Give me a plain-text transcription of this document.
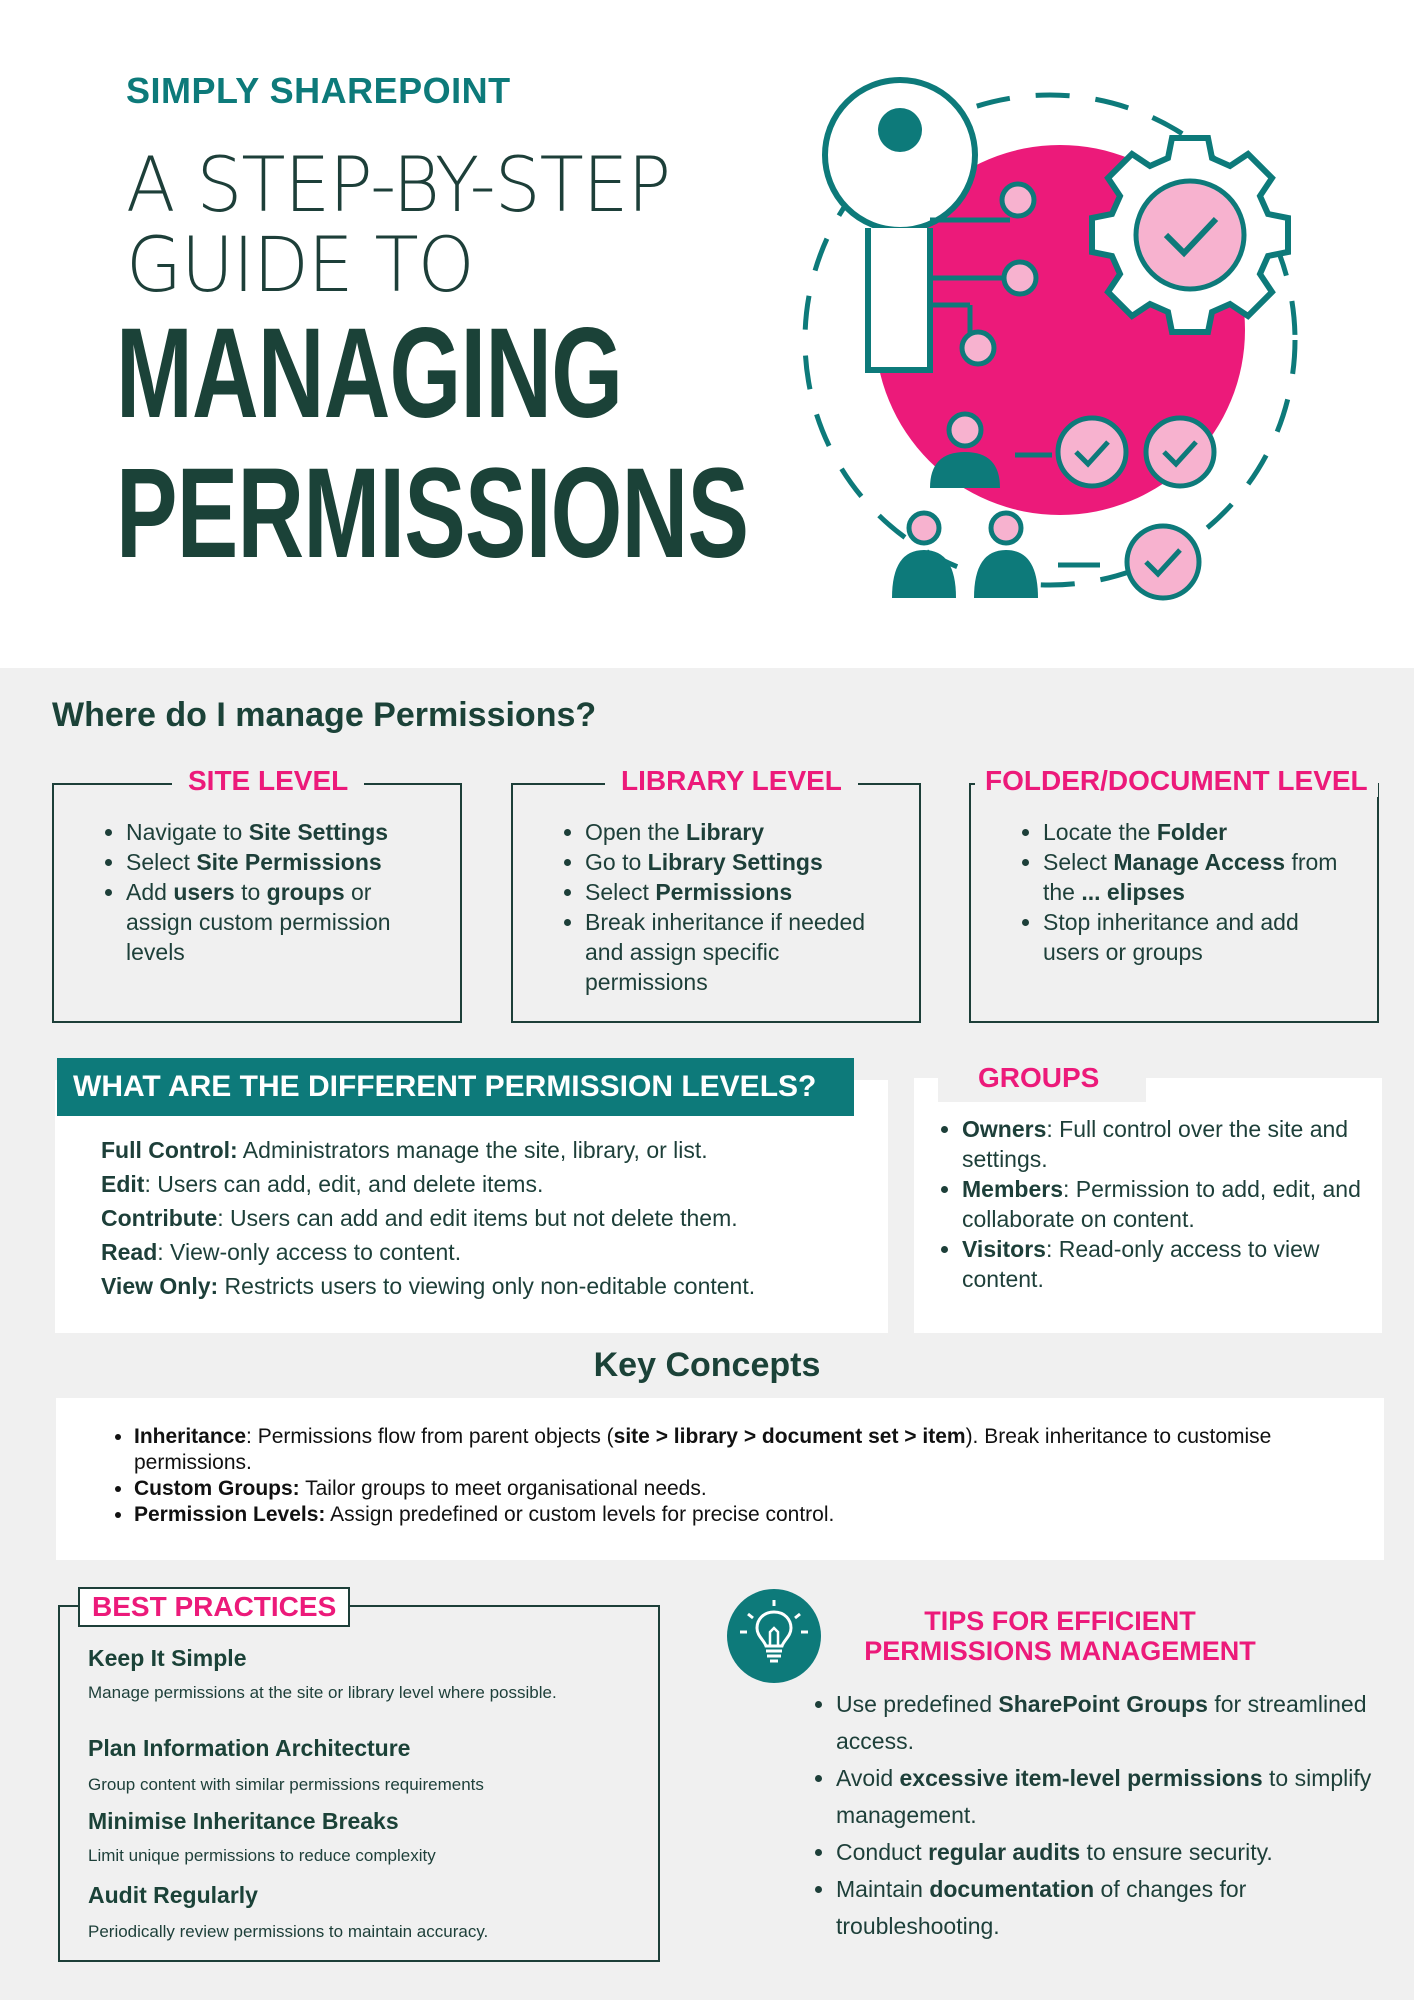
SIMPLY SHAREPOINT
A STEP-BY-STEP
GUIDE TO
MANAGING
PERMISSIONS
Where do I manage Permissions?
SITE LEVEL
• Navigate to Site Settings
• Select Site Permissions
• Add users to groups or assign custom permission levels
LIBRARY LEVEL
• Open the Library
• Go to Library Settings
• Select Permissions
• Break inheritance if needed and assign specific permissions
FOLDER/DOCUMENT LEVEL
• Locate the Folder
• Select Manage Access from the ... elipses
• Stop inheritance and add users or groups
WHAT ARE THE DIFFERENT PERMISSION LEVELS?
Full Control: Administrators manage the site, library, or list.
Edit: Users can add, edit, and delete items.
Contribute: Users can add and edit items but not delete them.
Read: View-only access to content.
View Only: Restricts users to viewing only non-editable content.
GROUPS
• Owners: Full control over the site and settings.
• Members: Permission to add, edit, and collaborate on content.
• Visitors: Read-only access to view content.
Key Concepts
• Inheritance: Permissions flow from parent objects (site > library > document set > item). Break inheritance to customise permissions.
• Custom Groups: Tailor groups to meet organisational needs.
• Permission Levels: Assign predefined or custom levels for precise control.
BEST PRACTICES
Keep It Simple
Manage permissions at the site or library level where possible.
Plan Information Architecture
Group content with similar permissions requirements
Minimise Inheritance Breaks
Limit unique permissions to reduce complexity
Audit Regularly
Periodically review permissions to maintain accuracy.
TIPS FOR EFFICIENT
PERMISSIONS MANAGEMENT
• Use predefined SharePoint Groups for streamlined access.
• Avoid excessive item-level permissions to simplify management.
• Conduct regular audits to ensure security.
• Maintain documentation of changes for troubleshooting.
